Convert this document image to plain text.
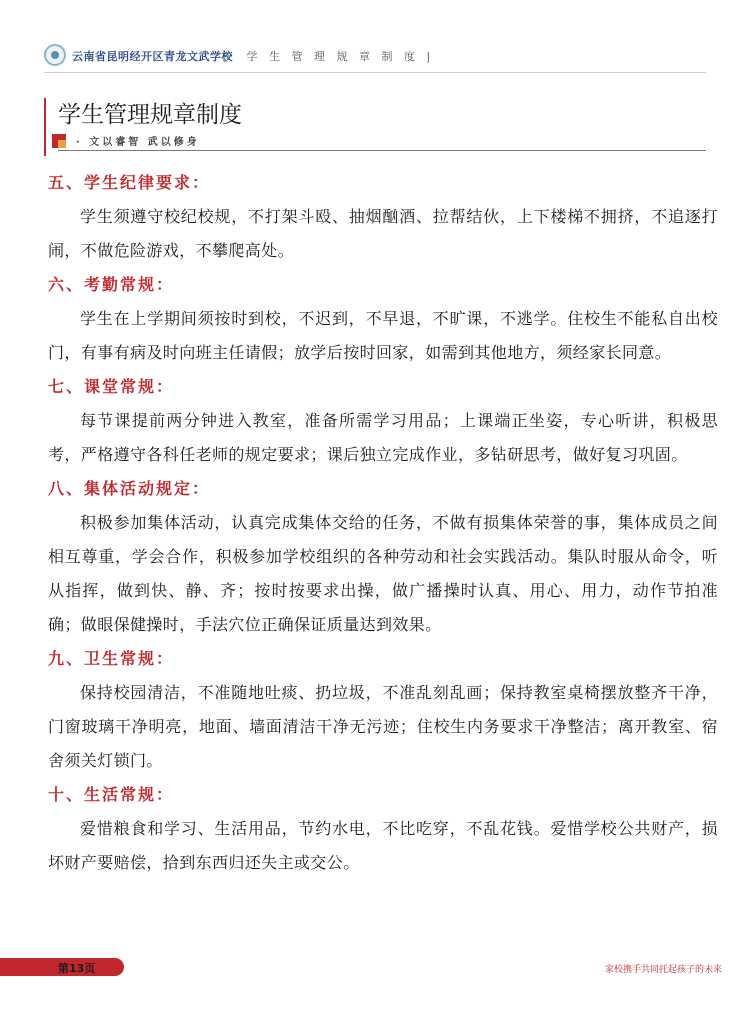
云南省昆明经开区青龙文武学校
》 学 生 管 理 规 章 制 度 |
学生管理规章制度
· 文以睿智 武以修身
五、学生纪律要求：

学生须遵守校纪校规，不打架斗殴、抽烟酗酒、拉帮结伙，上下楼梯不拥挤，不追逐打闹，不做危险游戏，不攀爬高处。

六、考勤常规：

学生在上学期间须按时到校，不迟到，不早退，不旷课，不逃学。住校生不能私自出校门，有事有病及时向班主任请假；放学后按时回家，如需到其他地方，须经家长同意。

七、课堂常规：

每节课提前两分钟进入教室，准备所需学习用品；上课端正坐姿，专心听讲，积极思考，严格遵守各科任老师的规定要求；课后独立完成作业，多钻研思考，做好复习巩固。

八、集体活动规定：

积极参加集体活动，认真完成集体交给的任务，不做有损集体荣誉的事，集体成员之间相互尊重，学会合作，积极参加学校组织的各种劳动和社会实践活动。集队时服从命令，听从指挥，做到快、静、齐；按时按要求出操，做广播操时认真、用心、用力，动作节拍准确；做眼保健操时，手法穴位正确保证质量达到效果。

九、卫生常规：

保持校园清洁，不准随地吐痰、扔垃圾，不准乱刻乱画；保持教室桌椅摆放整齐干净，门窗玻璃干净明亮，地面、墙面清洁干净无污迹；住校生内务要求干净整洁；离开教室、宿舍须关灯锁门。

十、生活常规：

爱惜粮食和学习、生活用品，节约水电，不比吃穿，不乱花钱。爱惜学校公共财产，损坏财产要赔偿，拾到东西归还失主或交公。

第13页	家校携手共同托起孩子的未来
